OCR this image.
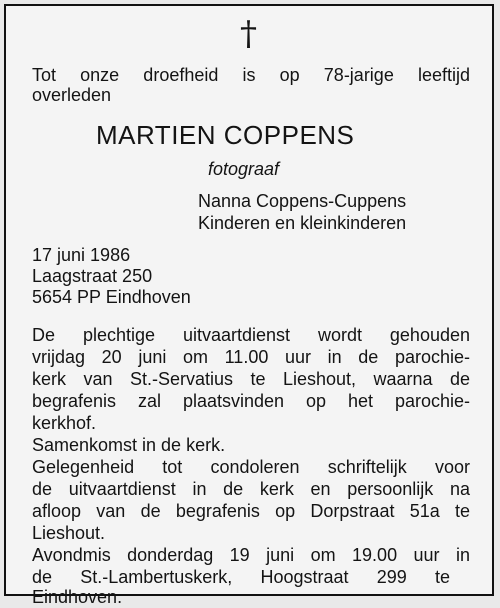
†
Tot onze droefheid is op 78-jarige leeftijd
overleden
MARTIEN COPPENS
fotograaf
Nanna Coppens-Cuppens
Kinderen en kleinkinderen
17 juni 1986
Laagstraat 250
5654 PP Eindhoven
De plechtige uitvaartdienst wordt gehouden
vrijdag 20 juni om 11.00 uur in de parochie-
kerk van St.-Servatius te Lieshout, waarna de
begrafenis zal plaatsvinden op het parochie-
kerkhof.
Samenkomst in de kerk.
Gelegenheid tot condoleren schriftelijk voor
de uitvaartdienst in de kerk en persoonlijk na
afloop van de begrafenis op Dorpstraat 51a te
Lieshout.
Avondmis donderdag 19 juni om 19.00 uur in
de St.-Lambertuskerk, Hoogstraat 299 te
Eindhoven.
